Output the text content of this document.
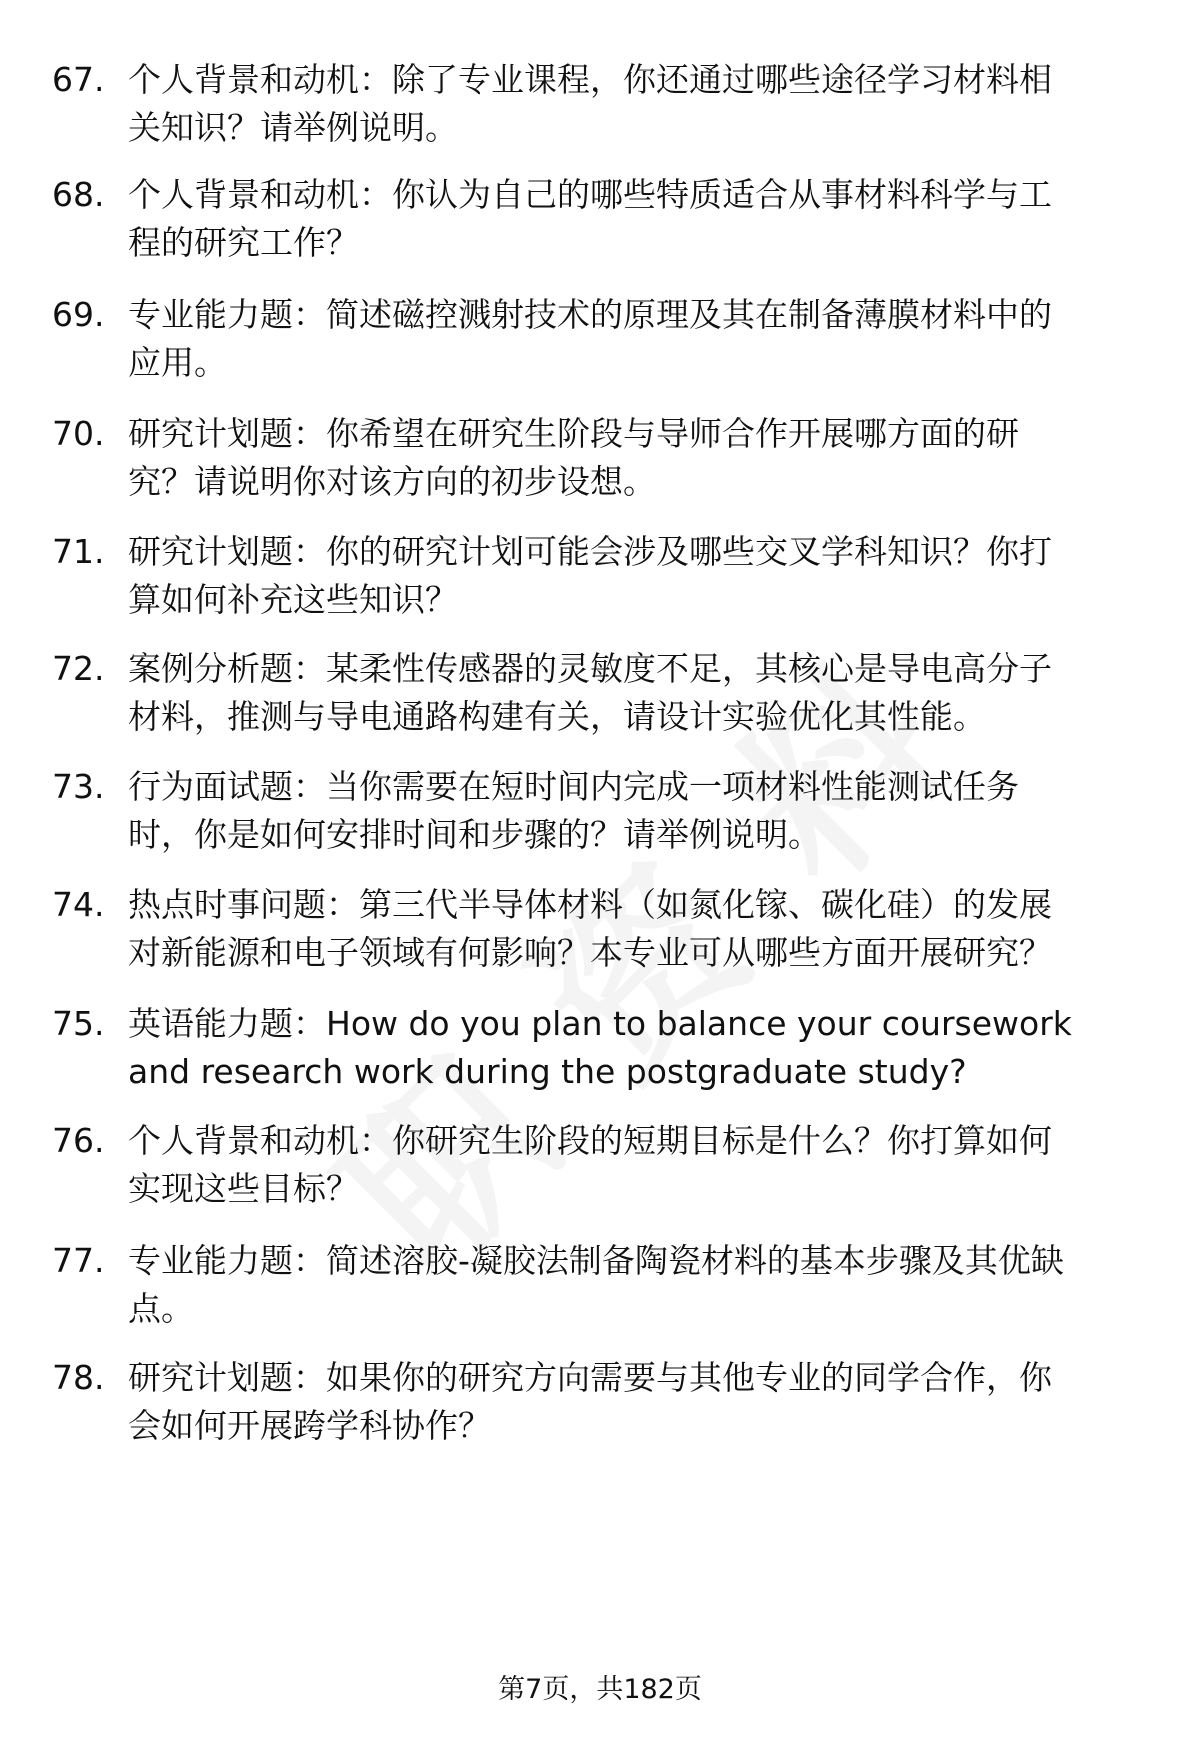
67. 个人背景和动机：除了专业课程，你还通过哪些途径学习材料相
关知识？请举例说明。
68. 个人背景和动机：你认为自己的哪些特质适合从事材料科学与工
程的研究工作？
69. 专业能力题：简述磁控溅射技术的原理及其在制备薄膜材料中的
应用。
70. 研究计划题：你希望在研究生阶段与导师合作开展哪方面的研
究？请说明你对该方向的初步设想。
71. 研究计划题：你的研究计划可能会涉及哪些交叉学科知识？你打
算如何补充这些知识？
72. 案例分析题：某柔性传感器的灵敏度不足，其核心是导电高分子
材料，推测与导电通路构建有关，请设计实验优化其性能。
73. 行为面试题：当你需要在短时间内完成一项材料性能测试任务
时，你是如何安排时间和步骤的？请举例说明。
74. 热点时事问题：第三代半导体材料（如氮化镓、碳化硅）的发展
对新能源和电子领域有何影响？本专业可从哪些方面开展研究？
75. 英语能力题：How do you plan to balance your coursework
and research work during the postgraduate study?
76. 个人背景和动机：你研究生阶段的短期目标是什么？你打算如何
实现这些目标？
77. 专业能力题：简述溶胶-凝胶法制备陶瓷材料的基本步骤及其优缺
点。
78. 研究计划题：如果你的研究方向需要与其他专业的同学合作，你
会如何开展跨学科协作？
第7页，共182页
